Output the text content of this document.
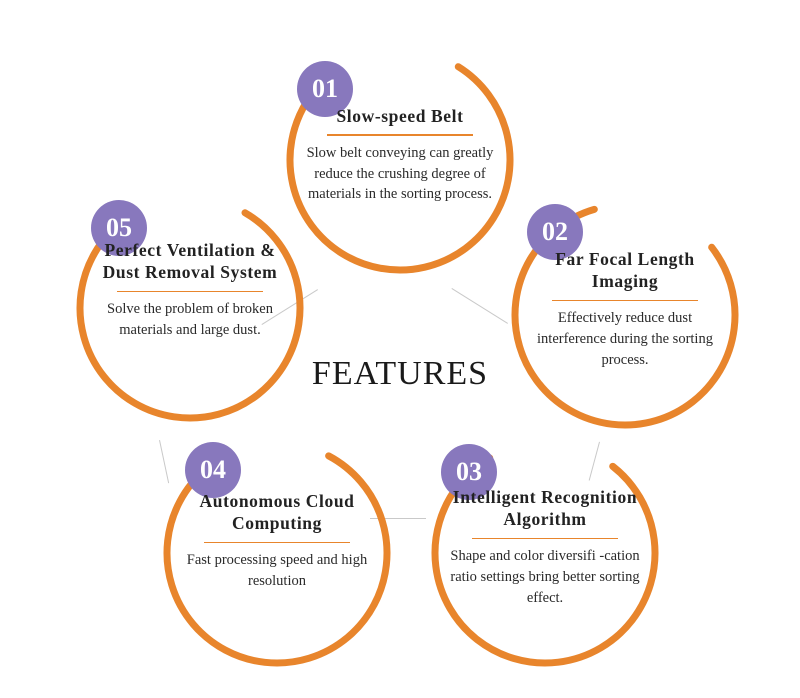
FEATURES
01
Slow-speed Belt
Slow belt conveying can greatly reduce the crushing degree of materials in the sorting process.
02
Far Focal Length Imaging
Effectively reduce dust interference during the sorting process.
03
Intelligent Recognition Algorithm
Shape and color diversifi -cation ratio settings bring better sorting effect.
04
Autonomous Cloud Computing
Fast processing speed and high resolution
05
Perfect Ventilation & Dust Removal System
Solve the problem of broken materials and large dust.
